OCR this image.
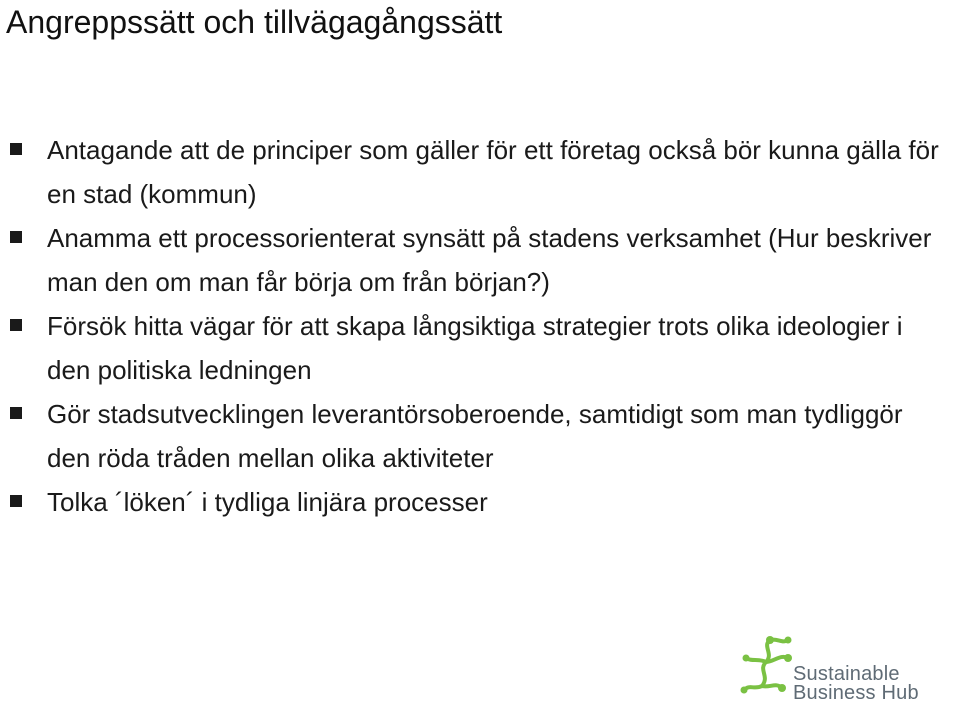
Angreppssätt och tillvägagångssätt
Antagande att de principer som gäller för ett företag också bör kunna gälla för en stad (kommun)
Anamma ett processorienterat synsätt på stadens verksamhet (Hur beskriver man den om man får börja om från början?)
Försök hitta vägar för att skapa långsiktiga strategier trots olika ideologier i den politiska ledningen
Gör stadsutvecklingen leverantörsoberoende, samtidigt som man tydliggör den röda tråden mellan olika aktiviteter
Tolka ´löken´ i tydliga linjära processer
Sustainable
Business Hub
